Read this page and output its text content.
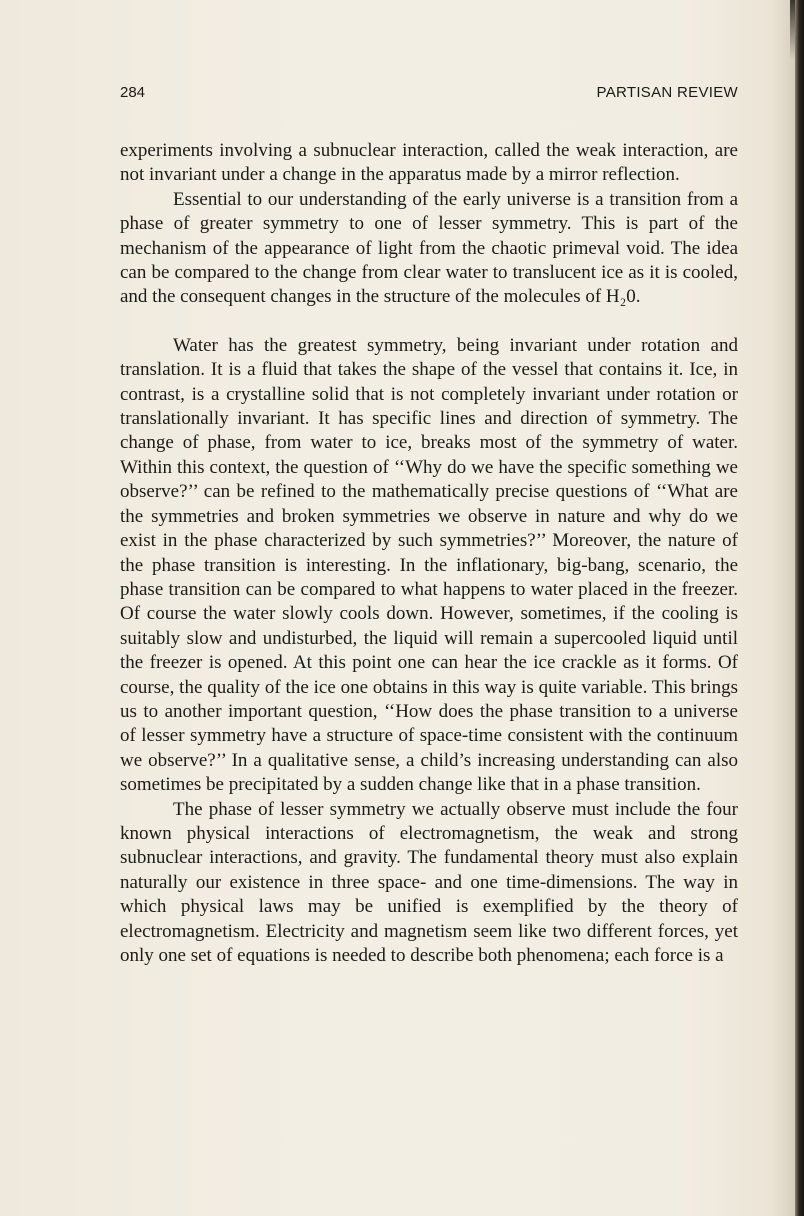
284	PARTISAN REVIEW

experiments involving a subnuclear interaction, called the weak interaction, are not invariant under a change in the apparatus made by a mirror reflection.

Essential to our understanding of the early universe is a transition from a phase of greater symmetry to one of lesser symmetry. This is part of the mechanism of the appearance of light from the chaotic primeval void. The idea can be compared to the change from clear water to translucent ice as it is cooled, and the consequent changes in the structure of the molecules of H₂0.

Water has the greatest symmetry, being invariant under rotation and translation. It is a fluid that takes the shape of the vessel that contains it. Ice, in contrast, is a crystalline solid that is not completely invariant under rotation or translationally invariant. It has specific lines and direction of symmetry. The change of phase, from water to ice, breaks most of the symmetry of water. Within this context, the question of ‘‘Why do we have the specific something we observe?’’ can be refined to the mathematically precise questions of ‘‘What are the symmetries and broken symmetries we observe in nature and why do we exist in the phase characterized by such symmetries?’’ Moreover, the nature of the phase transition is interesting. In the inflationary, big-bang, scenario, the phase transition can be compared to what happens to water placed in the freezer. Of course the water slowly cools down. However, sometimes, if the cooling is suitably slow and undisturbed, the liquid will remain a supercooled liquid until the freezer is opened. At this point one can hear the ice crackle as it forms. Of course, the quality of the ice one obtains in this way is quite variable. This brings us to another important question, ‘‘How does the phase transition to a universe of lesser symmetry have a structure of space-time consistent with the continuum we observe?’’ In a qualitative sense, a child’s increasing understanding can also sometimes be precipitated by a sudden change like that in a phase transition.

The phase of lesser symmetry we actually observe must include the four known physical interactions of electromagnetism, the weak and strong subnuclear interactions, and gravity. The fundamental theory must also explain naturally our existence in three space- and one time-dimensions. The way in which physical laws may be unified is exemplified by the theory of electromagnetism. Electricity and magnetism seem like two different forces, yet only one set of equations is needed to describe both phenomena; each force is a
